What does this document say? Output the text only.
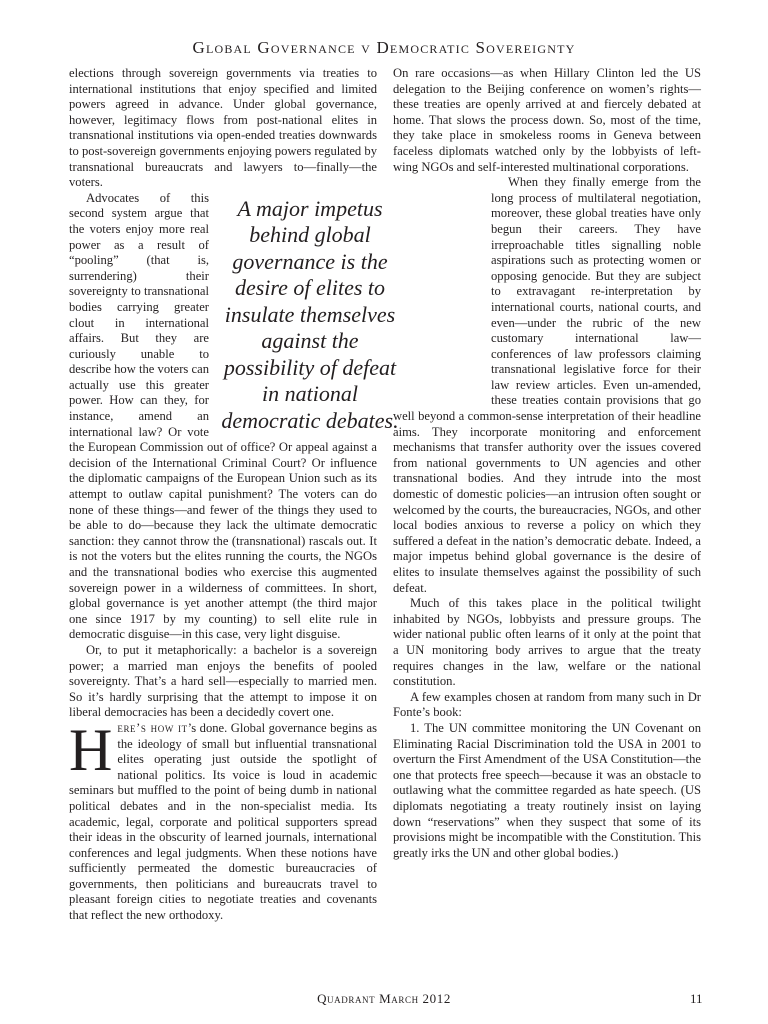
Global Governance v Democratic Sovereignty

elections through sovereign governments via treaties to international institutions that enjoy specified and limited powers agreed in advance. Under global governance, however, legitimacy flows from post-national elites in transnational institutions via open-ended treaties downwards to post-sovereign governments enjoying powers regulated by transnational bureaucrats and lawyers to—finally—the voters.

A major impetus behind global governance is the desire of elites to insulate themselves against the possibility of defeat in national democratic debates.

Advocates of this second system argue that the voters enjoy more real power as a result of “pooling” (that is, surrendering) their sovereignty to transnational bodies carrying greater clout in international affairs. But they are curiously unable to describe how the voters can actually use this greater power. How can they, for instance, amend an international law? Or vote the European Commission out of office? Or appeal against a decision of the International Criminal Court? Or influence the diplomatic campaigns of the European Union such as its attempt to outlaw capital punishment? The voters can do none of these things—and fewer of the things they used to be able to do—because they lack the ultimate democratic sanction: they cannot throw the (transnational) rascals out. It is not the voters but the elites running the courts, the NGOs and the transnational bodies who exercise this augmented sovereign power in a wilderness of committees. In short, global governance is yet another attempt (the third major one since 1917 by my counting) to sell elite rule in democratic disguise—in this case, very light disguise.

Or, to put it metaphorically: a bachelor is a sovereign power; a married man enjoys the benefits of pooled sovereignty. That’s a hard sell—especially to married men. So it’s hardly surprising that the attempt to impose it on liberal democracies has been a decidedly covert one.

Here’s how it’s done. Global governance begins as the ideology of small but influential transnational elites operating just outside the spotlight of national politics. Its voice is loud in academic seminars but muffled to the point of being dumb in national political debates and in the non-specialist media. Its academic, legal, corporate and political supporters spread their ideas in the obscurity of learned journals, international conferences and legal judgments. When these notions have sufficiently permeated the domestic bureaucracies of governments, then politicians and bureaucrats travel to pleasant foreign cities to negotiate treaties and covenants that reflect the new orthodoxy.

On rare occasions—as when Hillary Clinton led the US delegation to the Beijing conference on women’s rights—these treaties are openly arrived at and fiercely debated at home. That slows the process down. So, most of the time, they take place in smokeless rooms in Geneva between faceless diplomats watched only by the lobbyists of left-wing NGOs and self-interested multinational corporations.

When they finally emerge from the long process of multilateral negotiation, moreover, these global treaties have only begun their careers. They have irreproachable titles signalling noble aspirations such as protecting women or opposing genocide. But they are subject to extravagant re-interpretation by international courts, national courts, and even—under the rubric of the new customary international law—conferences of law professors claiming transnational legislative force for their law review articles. Even un-amended, these treaties contain provisions that go well beyond a common-sense interpretation of their headline aims. They incorporate monitoring and enforcement mechanisms that transfer authority over the issues covered from national governments to UN agencies and other transnational bodies. And they intrude into the most domestic of domestic policies—an intrusion often sought or welcomed by the courts, the bureaucracies, NGOs, and other local bodies anxious to reverse a policy on which they suffered a defeat in the nation’s democratic debate. Indeed, a major impetus behind global governance is the desire of elites to insulate themselves against the possibility of such defeat.

Much of this takes place in the political twilight inhabited by NGOs, lobbyists and pressure groups. The wider national public often learns of it only at the point that a UN monitoring body arrives to argue that the treaty requires changes in the law, welfare or the national constitution.

A few examples chosen at random from many such in Dr Fonte’s book:

1. The UN committee monitoring the UN Covenant on Eliminating Racial Discrimination told the USA in 2001 to overturn the First Amendment of the USA Constitution—the one that protects free speech—because it was an obstacle to outlawing what the committee regarded as hate speech. (US diplomats negotiating a treaty routinely insist on laying down “reservations” when they suspect that some of its provisions might be incompatible with the Constitution. This greatly irks the UN and other global bodies.)

Quadrant March 2012	11
